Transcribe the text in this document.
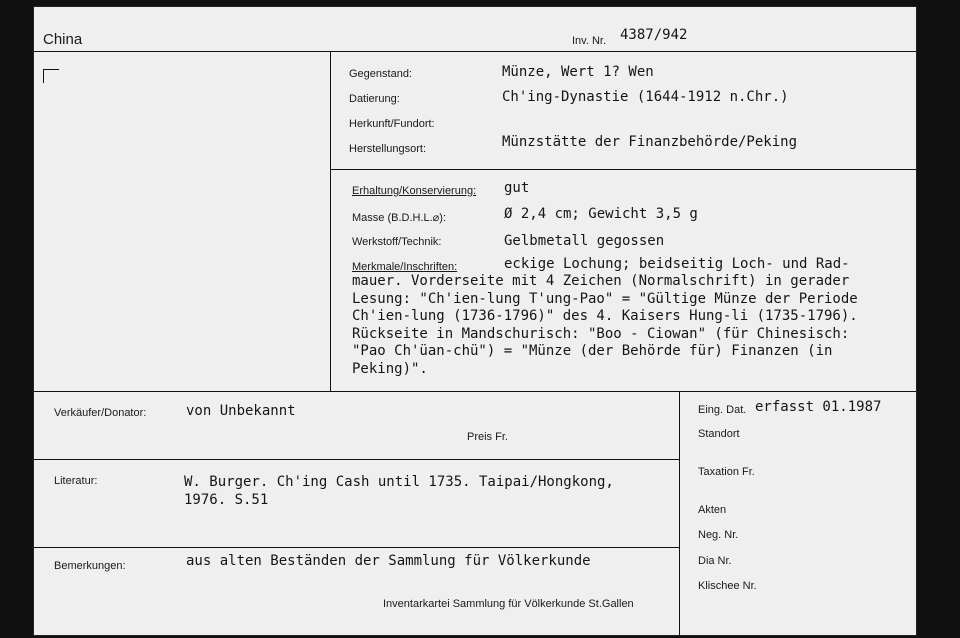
China	Inv. Nr. 4387/942
Gegenstand:	Münze, Wert 1? Wen
Datierung:	Ch'ing-Dynastie (1644-1912 n.Chr.)
Herkunft/Fundort:
Herstellungsort:	Münzstätte der Finanzbehörde/Peking
Erhaltung/Konservierung: gut
Masse (B.D.H.L.⌀):	Ø 2,4 cm; Gewicht 3,5 g
Werkstoff/Technik:	Gelbmetall gegossen
Merkmale/Inschriften:	eckige Lochung; beidseitig Loch- und Rad-
mauer. Vorderseite mit 4 Zeichen (Normalschrift) in gerader
Lesung: "Ch'ien-lung T'ung-Pao" = "Gültige Münze der Periode
Ch'ien-lung (1736-1796)" des 4. Kaisers Hung-li (1735-1796).
Rückseite in Mandschurisch: "Boo - Ciowan" (für Chinesisch:
"Pao Ch'üan-chü") = "Münze (der Behörde für) Finanzen (in
Peking)".
Verkäufer/Donator:	von Unbekannt
Preis Fr.
Literatur:	W. Burger. Ch'ing Cash until 1735. Taipai/Hongkong,
1976. S.51
Bemerkungen:	aus alten Beständen der Sammlung für Völkerkunde
Inventarkartei Sammlung für Völkerkunde St.Gallen
Eing. Dat. erfasst 01.1987
Standort
Taxation Fr.
Akten
Neg. Nr.
Dia Nr.
Klischee Nr.
